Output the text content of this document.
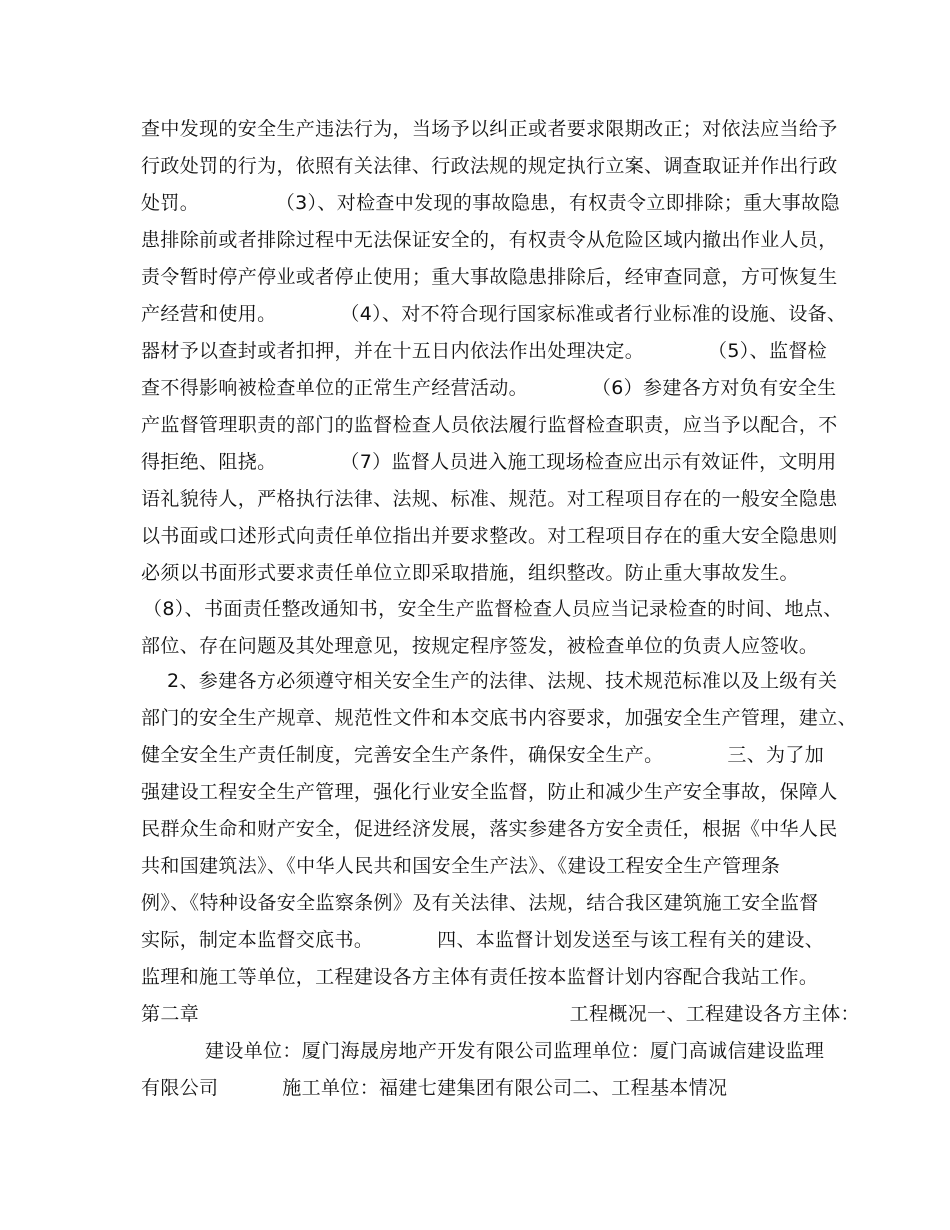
查中发现的安全生产违法行为，当场予以纠正或者要求限期改正；对依法应当给予
行政处罚的行为，依照有关法律、行政法规的规定执行立案、调查取证并作出行政
处罚。            （3）、对检查中发现的事故隐患，有权责令立即排除；重大事故隐
患排除前或者排除过程中无法保证安全的，有权责令从危险区域内撤出作业人员，
责令暂时停产停业或者停止使用；重大事故隐患排除后，经审查同意，方可恢复生
产经营和使用。          （4）、对不符合现行国家标准或者行业标准的设施、设备、
器材予以查封或者扣押，并在十五日内依法作出处理决定。          （5）、监督检
查不得影响被检查单位的正常生产经营活动。          （6）参建各方对负有安全生
产监督管理职责的部门的监督检查人员依法履行监督检查职责，应当予以配合，不
得拒绝、阻挠。          （7）监督人员进入施工现场检查应出示有效证件，文明用
语礼貌待人，严格执行法律、法规、标准、规范。对工程项目存在的一般安全隐患
以书面或口述形式向责任单位指出并要求整改。对工程项目存在的重大安全隐患则
必须以书面形式要求责任单位立即采取措施，组织整改。防止重大事故发生。
（8）、书面责任整改通知书，安全生产监督检查人员应当记录检查的时间、地点、
部位、存在问题及其处理意见，按规定程序签发，被检查单位的负责人应签收。
2、参建各方必须遵守相关安全生产的法律、法规、技术规范标准以及上级有关
部门的安全生产规章、规范性文件和本交底书内容要求，加强安全生产管理，建立、
健全安全生产责任制度，完善安全生产条件，确保安全生产。          三、为了加
强建设工程安全生产管理，强化行业安全监督，防止和减少生产安全事故，保障人
民群众生命和财产安全，促进经济发展，落实参建各方安全责任，根据《中华人民
共和国建筑法》、《中华人民共和国安全生产法》、《建设工程安全生产管理条
例》、《特种设备安全监察条例》及有关法律、法规，结合我区建筑施工安全监督
实际，制定本监督交底书。          四、本监督计划发送至与该工程有关的建设、
监理和施工等单位，工程建设各方主体有责任按本监督计划内容配合我站工作。
第二章                                                          工程概况一、工程建设各方主体：
建设单位：厦门海晟房地产开发有限公司监理单位：厦门高诚信建设监理
有限公司          施工单位：福建七建集团有限公司二、工程基本情况
